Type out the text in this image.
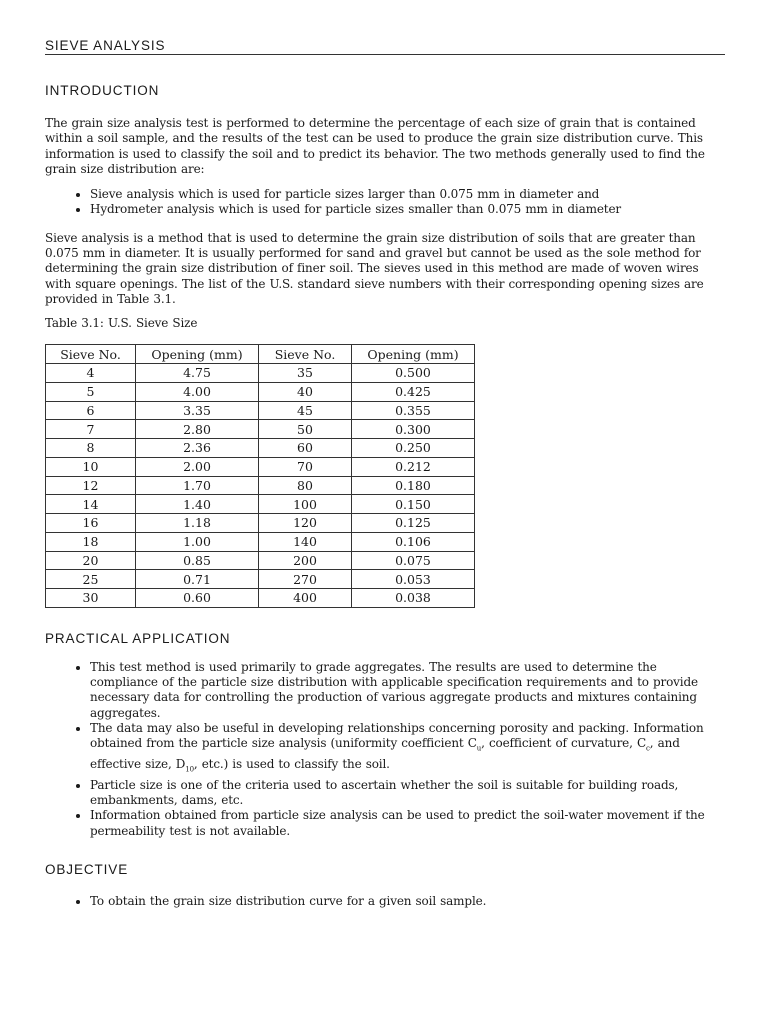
SIEVE ANALYSIS
INTRODUCTION

The grain size analysis test is performed to determine the percentage of each size of grain that is contained within a soil sample, and the results of the test can be used to produce the grain size distribution curve. This information is used to classify the soil and to predict its behavior. The two methods generally used to find the grain size distribution are:

• Sieve analysis which is used for particle sizes larger than 0.075 mm in diameter and
• Hydrometer analysis which is used for particle sizes smaller than 0.075 mm in diameter

Sieve analysis is a method that is used to determine the grain size distribution of soils that are greater than 0.075 mm in diameter. It is usually performed for sand and gravel but cannot be used as the sole method for determining the grain size distribution of finer soil. The sieves used in this method are made of woven wires with square openings. The list of the U.S. standard sieve numbers with their corresponding opening sizes are provided in Table 3.1.

Table 3.1: U.S. Sieve Size

Sieve No.	Opening (mm)	Sieve No.	Opening (mm)
4	4.75	35	0.500
5	4.00	40	0.425
6	3.35	45	0.355
7	2.80	50	0.300
8	2.36	60	0.250
10	2.00	70	0.212
12	1.70	80	0.180
14	1.40	100	0.150
16	1.18	120	0.125
18	1.00	140	0.106
20	0.85	200	0.075
25	0.71	270	0.053
30	0.60	400	0.038
PRACTICAL APPLICATION
• This test method is used primarily to grade aggregates. The results are used to determine the compliance of the particle size distribution with applicable specification requirements and to provide necessary data for controlling the production of various aggregate products and mixtures containing aggregates.
• The data may also be useful in developing relationships concerning porosity and packing. Information obtained from the particle size analysis (uniformity coefficient $C_u$, coefficient of curvature, $C_c$, and effective size, $D_{10}$, etc.) is used to classify the soil.
• Particle size is one of the criteria used to ascertain whether the soil is suitable for building roads, embankments, dams, etc.
• Information obtained from particle size analysis can be used to predict the soil-water movement if the permeability test is not available.
OBJECTIVE
• To obtain the grain size distribution curve for a given soil sample.
